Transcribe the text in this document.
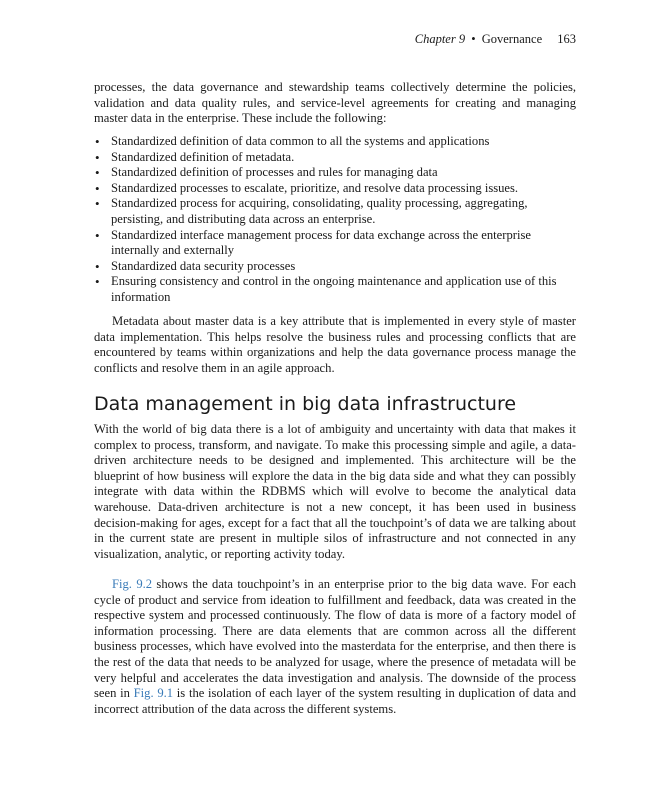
Chapter 9 • Governance 163

processes, the data governance and stewardship teams collectively determine the policies, validation and data quality rules, and service-level agreements for creating and managing master data in the enterprise. These include the following:

• Standardized definition of data common to all the systems and applications
• Standardized definition of metadata.
• Standardized definition of processes and rules for managing data
• Standardized processes to escalate, prioritize, and resolve data processing issues.
• Standardized process for acquiring, consolidating, quality processing, aggregating, persisting, and distributing data across an enterprise.
• Standardized interface management process for data exchange across the enterprise internally and externally
• Standardized data security processes
• Ensuring consistency and control in the ongoing maintenance and application use of this information

Metadata about master data is a key attribute that is implemented in every style of master data implementation. This helps resolve the business rules and processing conflicts that are encountered by teams within organizations and help the data governance process manage the conflicts and resolve them in an agile approach.

Data management in big data infrastructure

With the world of big data there is a lot of ambiguity and uncertainty with data that makes it complex to process, transform, and navigate. To make this processing simple and agile, a data-driven architecture needs to be designed and implemented. This architecture will be the blueprint of how business will explore the data in the big data side and what they can possibly integrate with data within the RDBMS which will evolve to become the analytical data warehouse. Data-driven architecture is not a new concept, it has been used in business decision-making for ages, except for a fact that all the touchpoint’s of data we are talking about in the current state are present in multiple silos of infrastructure and not connected in any visualization, analytic, or reporting activity today.

Fig. 9.2 shows the data touchpoint’s in an enterprise prior to the big data wave. For each cycle of product and service from ideation to fulfillment and feedback, data was created in the respective system and processed continuously. The flow of data is more of a factory model of information processing. There are data elements that are common across all the different business processes, which have evolved into the masterdata for the enterprise, and then there is the rest of the data that needs to be analyzed for usage, where the presence of metadata will be very helpful and accelerates the data investigation and analysis. The downside of the process seen in Fig. 9.1 is the isolation of each layer of the system resulting in duplication of data and incorrect attribution of the data across the different systems.
